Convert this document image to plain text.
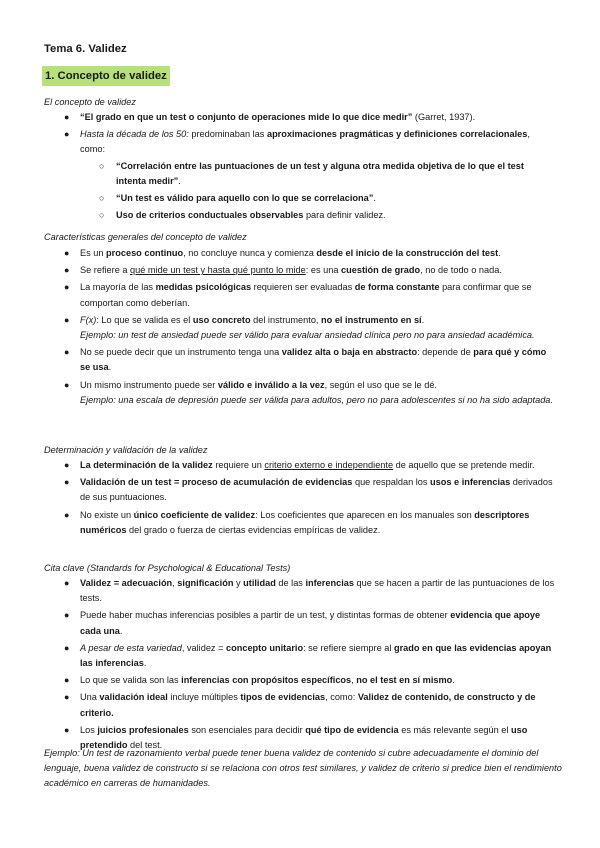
Tema 6. Validez
1. Concepto de validez
El concepto de validez
● “El grado en que un test o conjunto de operaciones mide lo que dice medir” (Garret, 1937).
● Hasta la década de los 50: predominaban las aproximaciones pragmáticas y definiciones correlacionales, como:
○ “Correlación entre las puntuaciones de un test y alguna otra medida objetiva de lo que el test intenta medir”.
○ “Un test es válido para aquello con lo que se correlaciona”.
○ Uso de criterios conductuales observables para definir validez.
Características generales del concepto de validez
● Es un proceso continuo, no concluye nunca y comienza desde el inicio de la construcción del test.
● Se refiere a qué mide un test y hasta qué punto lo mide: es una cuestión de grado, no de todo o nada.
● La mayoría de las medidas psicológicas requieren ser evaluadas de forma constante para confirmar que se comportan como deberían.
● F(x): Lo que se valida es el uso concreto del instrumento, no el instrumento en sí.
Ejemplo: un test de ansiedad puede ser válido para evaluar ansiedad clínica pero no para ansiedad académica.
● No se puede decir que un instrumento tenga una validez alta o baja en abstracto: depende de para qué y cómo se usa.
● Un mismo instrumento puede ser válido e inválido a la vez, según el uso que se le dé.
Ejemplo: una escala de depresión puede ser válida para adultos, pero no para adolescentes si no ha sido adaptada.
Determinación y validación de la validez
● La determinación de la validez requiere un criterio externo e independiente de aquello que se pretende medir.
● Validación de un test = proceso de acumulación de evidencias que respaldan los usos e inferencias derivados de sus puntuaciones.
● No existe un único coeficiente de validez: Los coeficientes que aparecen en los manuales son descriptores numéricos del grado o fuerza de ciertas evidencias empíricas de validez.
Cita clave (Standards for Psychological & Educational Tests)
● Validez = adecuación, significación y utilidad de las inferencias que se hacen a partir de las puntuaciones de los tests.
● Puede haber muchas inferencias posibles a partir de un test, y distintas formas de obtener evidencia que apoye cada una.
● A pesar de esta variedad, validez = concepto unitario: se refiere siempre al grado en que las evidencias apoyan las inferencias.
● Lo que se valida son las inferencias con propósitos específicos, no el test en sí mismo.
● Una validación ideal incluye múltiples tipos de evidencias, como: Validez de contenido, de constructo y de criterio.
● Los juicios profesionales son esenciales para decidir qué tipo de evidencia es más relevante según el uso pretendido del test.
Ejemplo: Un test de razonamiento verbal puede tener buena validez de contenido si cubre adecuadamente el dominio del lenguaje, buena validez de constructo si se relaciona con otros test similares, y validez de criterio si predice bien el rendimiento académico en carreras de humanidades.
